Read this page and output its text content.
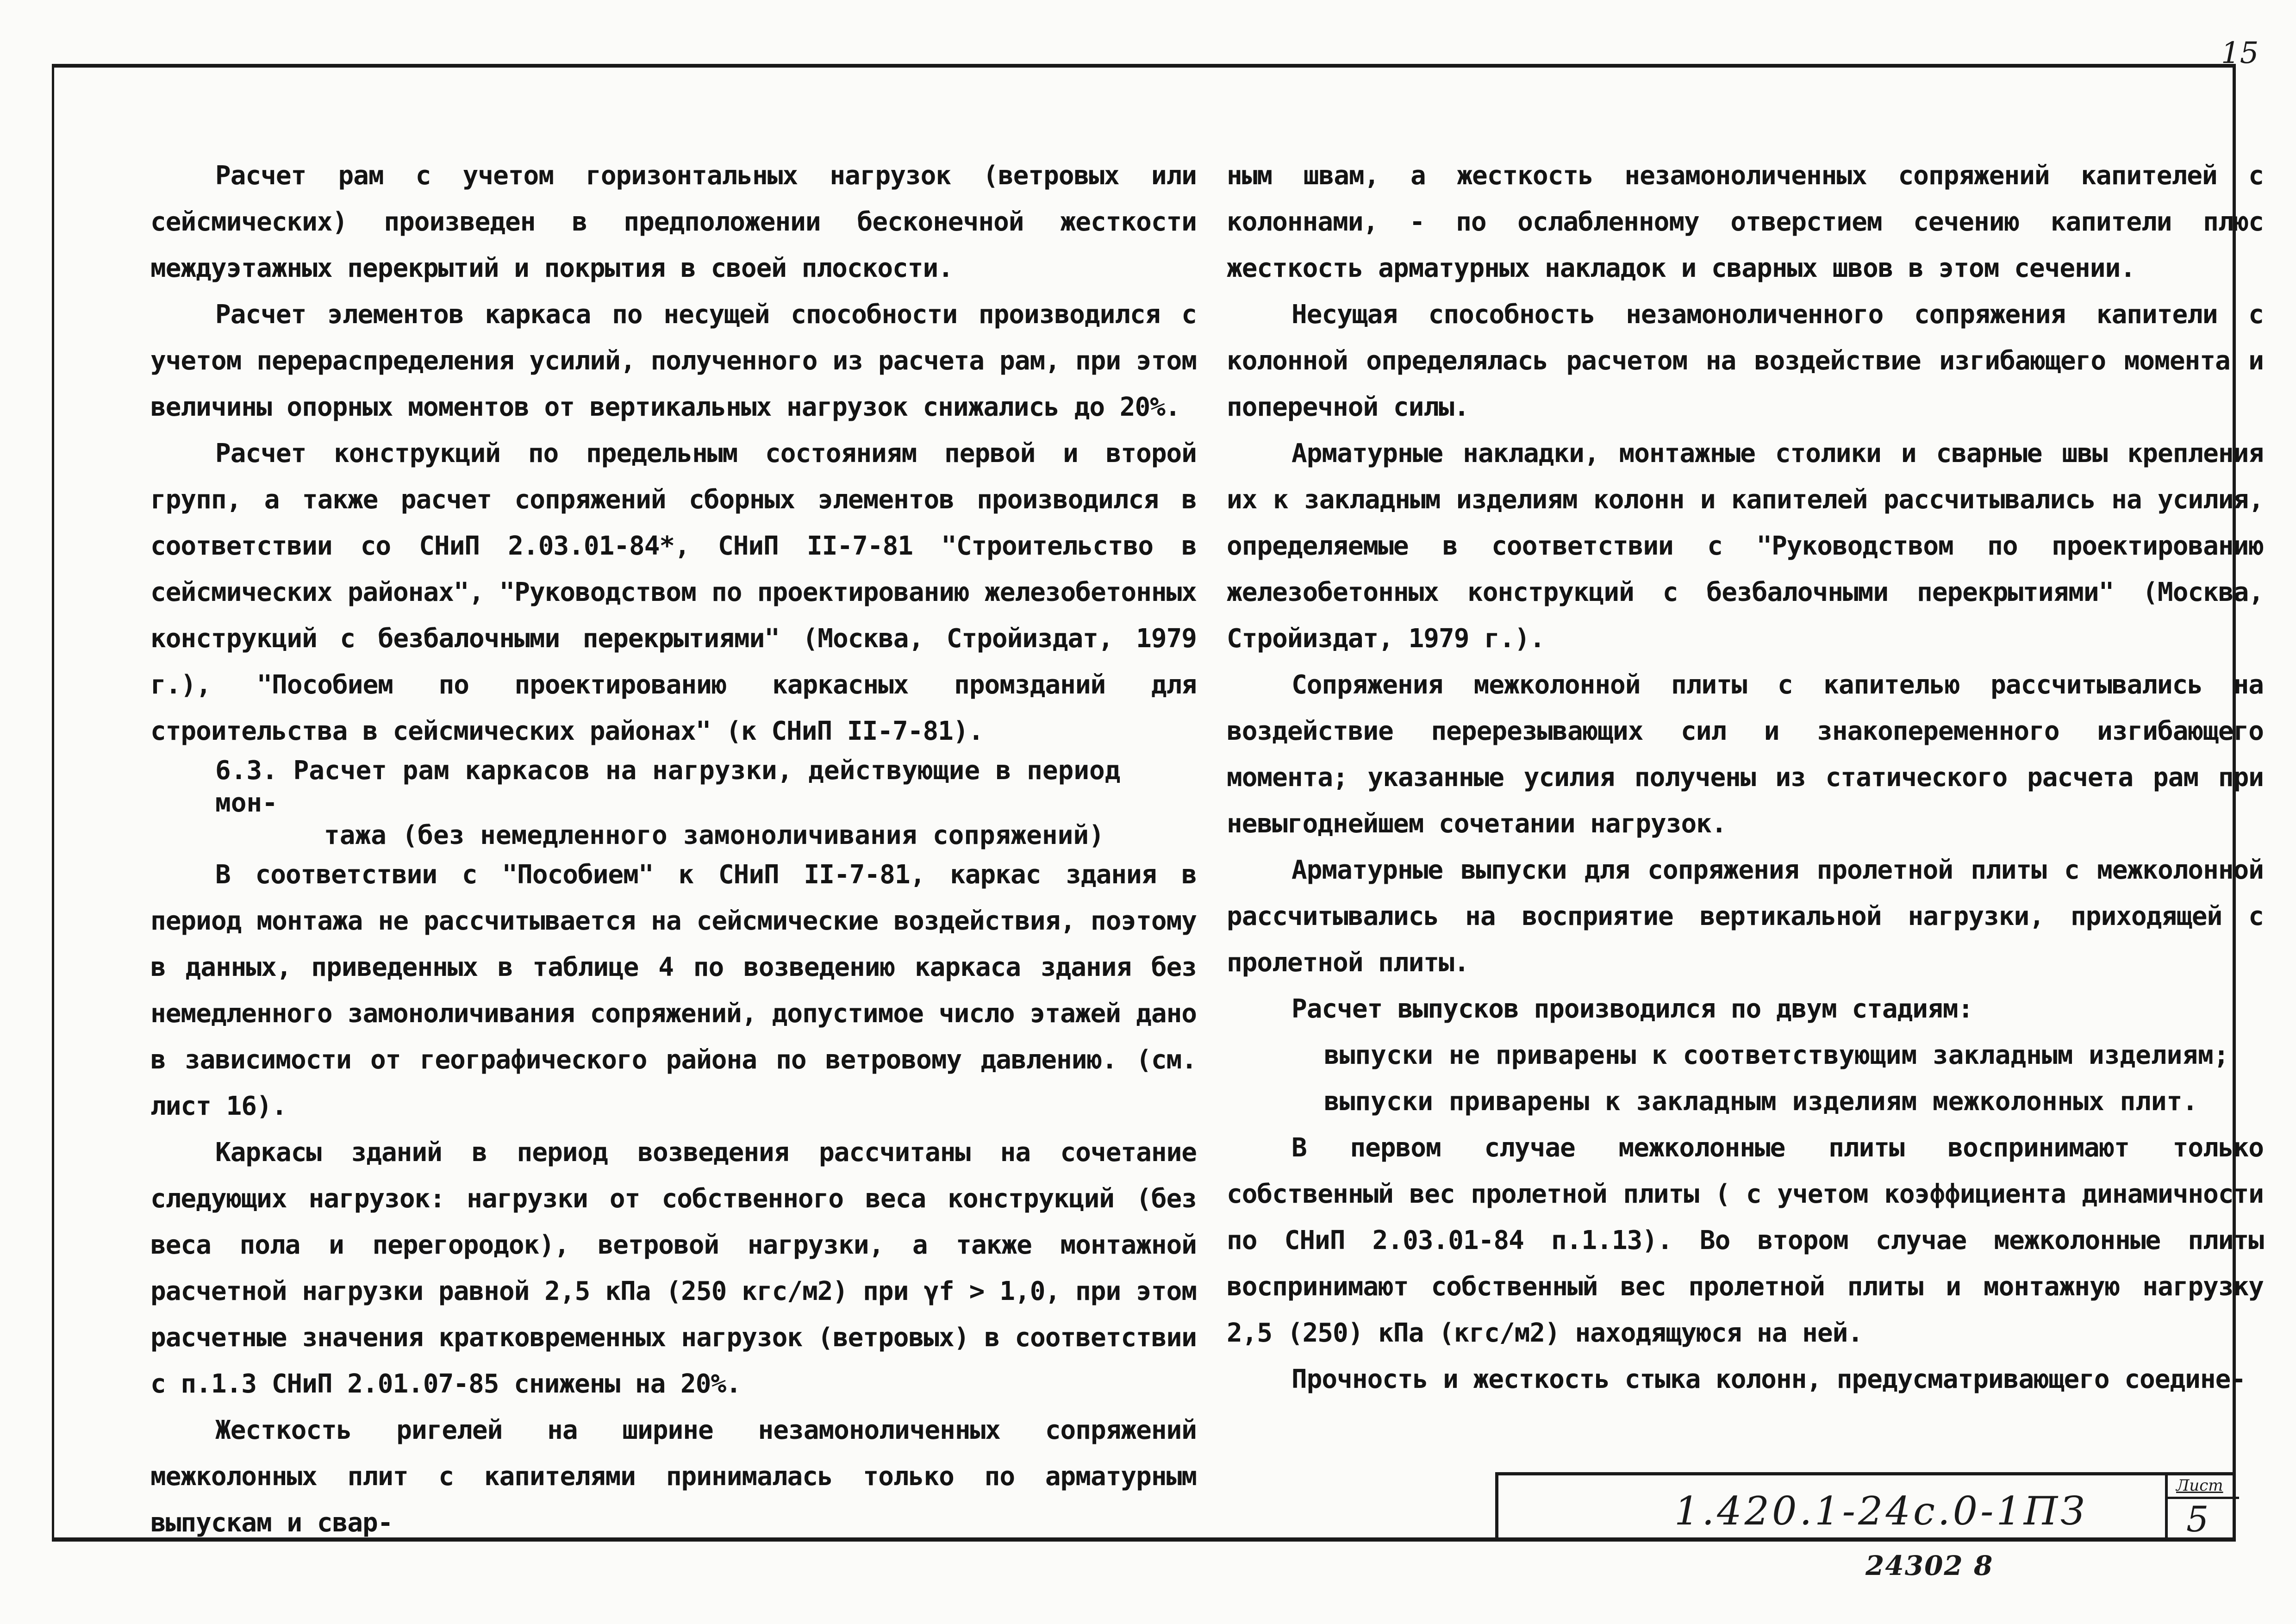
15

Расчет рам с учетом горизонтальных нагрузок (ветровых или сейсмических) произведен в предположении бесконечной жесткости междуэтажных перекрытий и покрытия в своей плоскости.

Расчет элементов каркаса по несущей способности производился с учетом перераспределения усилий, полученного из расчета рам, при этом величины опорных моментов от вертикальных нагрузок снижались до 20%.

Расчет конструкций по предельным состояниям первой и второй групп, а также расчет сопряжений сборных элементов производился в соответствии со СНиП 2.03.01-84*, СНиП II-7-81 "Строительство в сейсмических районах", "Руководством по проектированию железобетонных конструкций с безбалочными перекрытиями" (Москва, Стройиздат, 1979 г.), "Пособием по проектированию каркасных промзданий для строительства в сейсмических районах" (к СНиП II-7-81).

6.3. Расчет рам каркасов на нагрузки, действующие в период мон-
тажа (без немедленного замоноличивания сопряжений)

В соответствии с "Пособием" к СНиП II-7-81, каркас здания в период монтажа не рассчитывается на сейсмические воздействия, поэтому в данных, приведенных в таблице 4 по возведению каркаса здания без немедленного замоноличивания сопряжений, допустимое число этажей дано в зависимости от географического района по ветровому давлению. (см. лист 16).

Каркасы зданий в период возведения рассчитаны на сочетание следующих нагрузок: нагрузки от собственного веса конструкций (без веса пола и перегородок), ветровой нагрузки, а также монтажной расчетной нагрузки равной 2,5 кПа (250 кгс/м2) при γf > 1,0, при этом расчетные значения кратковременных нагрузок (ветровых) в соответствии с п.1.3 СНиП 2.01.07-85 снижены на 20%.

Жесткость ригелей на ширине незамоноличенных сопряжений межколонных плит с капителями принималась только по арматурным выпускам и свар-

ным швам, а жесткость незамоноличенных сопряжений капителей с колоннами, - по ослабленному отверстием сечению капители плюс жесткость арматурных накладок и сварных швов в этом сечении.

Несущая способность незамоноличенного сопряжения капители с колонной определялась расчетом на воздействие изгибающего момента и поперечной силы.

Арматурные накладки, монтажные столики и сварные швы крепления их к закладным изделиям колонн и капителей рассчитывались на усилия, определяемые в соответствии с "Руководством по проектированию железобетонных конструкций с безбалочными перекрытиями" (Москва, Стройиздат, 1979 г.).

Сопряжения межколонной плиты с капителью рассчитывались на воздействие перерезывающих сил и знакопеременного изгибающего момента; указанные усилия получены из статического расчета рам при невыгоднейшем сочетании нагрузок.

Арматурные выпуски для сопряжения пролетной плиты с межколонной рассчитывались на восприятие вертикальной нагрузки, приходящей с пролетной плиты.

Расчет выпусков производился по двум стадиям:

выпуски не приварены к соответствующим закладным изделиям;

выпуски приварены к закладным изделиям межколонных плит.

В первом случае межколонные плиты воспринимают только собственный вес пролетной плиты ( с учетом коэффициента динамичности по СНиП 2.03.01-84 п.1.13). Во втором случае межколонные плиты воспринимают собственный вес пролетной плиты и монтажную нагрузку 2,5 (250) кПа (кгс/м2) находящуюся на ней.

Прочность и жесткость стыка колонн, предусматривающего соедине-

1.420.1-24с.0-1ПЗ
Лист
5
24302 8
